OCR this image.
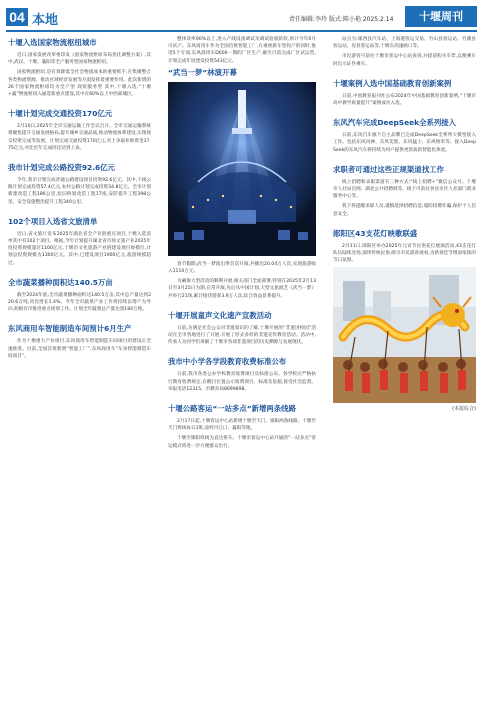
04 本地	责任编辑:李玲 版式:陈小艳 2025.2.14	十堰周刊
十堰入选国家物流枢纽城市

近日,国家发展改革委印发《国家物流枢纽布局优化调整方案》,其中,武汉、十堰、襄阳等全产服务型国家物流枢纽。

国家物流枢纽,是有效降低全社会物流成本的重要抓手,在集聚整合各类物流资源、推动区域经济发展等方面发挥着重要作用。此次新增的26个国家物流枢纽均为全产型 商贸服务型 其中,十堰入选,“十堰+襄”物流枢纽入通选新重点建设,其中在60%以上中西部城区。

十堰计划完成交通投资170亿元

2月10日,2025年全市交通运输工作会议召开。全市交通运输系统将聚焦提升交通发展格局,提升城乡交通品质,推动物流体系建设,实现现交投资完成等发展。计划完成交通投资170亿元,对上争取补助资金37.75亿元,对比近年完成同比达到上表。

我市计划完成公路投资92.6亿元

今年,我市计划完成普通公路建设项目投资92.6亿元。其中,干线公路计划完成投资57.4亿元,农村公路计划完成投资34.8亿元。全市计划新建改造工程186公里,危旧桥梁改造工程17座,安防提升工程398公里。安全设施整治提升工程340公里。

102个项目入选省文旅清单

近日,省文旅厅发布2025年湖北省全产业链重点项目,十堰入选清单其中有102个项目。根据,今年计划提升湖北省市场文旅产业2025年度投资规模超过1100亿元,十堰市文化旅游产业链建设项目规模位,计划总投资规模为1300亿元。其中,已建设项目1900亿元,旅游规模超过。

全市蔬菜播种面积达140.5万亩

截至2024年底,全市蔬菜播种面积达140.5万亩,其中总产量达到220.6万吨,同比增长1.4%。今年全市蔬菜产业工作将持续以增产为导向,积极有序推进重点规划工作。计划全年蔬菜总产量达到184万吨。

东风商用车智能制造车间预计6月生产

作为十堰重大产业项目,东风商用车智能制造车间项目的建设正全速推进。目前,全国首批新增“智能工厂”,东风商用车“车身智能制造车间项目”。

整体效率90%以上,进入产线设备调试及调试验收阶段,预计今年6月可试产。东风商用车作为全国首批智能工厂,在重视新车型投产的同时,推进5个专项,东风商用车D600一期的厂区生产,截至目前完成厂区试运营,计划完成年度建设投资543亿元。

“武当一梦”林演开幕

春节假期,武当一梦演出季首次开演,共播出20.04万人次,实现旅游收入1110万元。

为确保大型活动的顺利开展,相关部门全面部署,特别在2025年2月13日至3月25日为期,在常开演,先后从中国计划,大型文旅演艺《武当一梦》共举行21场,累计接待游客3.9万人次,综合效益显著提升。

十堰开展童声文化遗产宣教活动

日前,为满足社会公众对非遗知识的了解,十堰开展的“非遗进校园”活动在全市各地进行了开展,开展了形式多样的非遗宣传教育活动。活动中,传承人为同学们讲解了十堰市各项非遗项目的历史渊源与发展现状。

我市中小学各学段教育收费标准公布

日前,我市各类公办学校教育收费项目及标准公布。各学校应严格执行教育收费规定,在醒目位置公示收费项目、标准及依据,接受社会监督。举报电话12315、市教育局8699898。

十堰公路客运“一站多点”新增两条线路

2月17日起,十堰客运中心站新增十堰至天门、郧阳两条线路。十堰至天门班线每日1班,途经丹江口、襄阳等地。

十堰至郧阳班线为直达班车。十堰市客运中心站开通的“一站多点”客运模式将进一步方便群众出行。

站点为:郧西县汽车站、上海港客运交易、竹山县客运站、竹溪县客运站、房县客运站等,十堰东高速路口等。

市民游客可前往十堰市客运中心站查询,并提前购买车票,以便乘车时出示证件乘车。

十堰案例入选中国基础教育创新案例

日前,中国教育报刊社公布2024年中国基础教育创新案例,“十堰市高中教学质量提升”案例成功入选。

东风汽车完成DeepSeek全系列接入

日前,东风汽车旗下自主品牌已完成DeepSeek全系列大模型接入工作。包括东风风神、东风奕派、东风猛士、东风纳米等。接入DeepSeek的东风汽车将持续为用户提供更优质的智能化体验。

求职者可通过这些正规渠道找工作

线上招聘和求职渠道有三种方式:“线上招聘+”微信公众号、十堰市人社局官网、湖北公共招聘网等。线下可前往各县市区人社部门就业服务中心等。

我下班提醒求职人员,谨慎选择招聘信息,谨防招聘诈骗,保护个人信息安全。

郧阳区43支花灯映歌联盛

2月11日,郧阳区举办2025年元宵节民俗花灯展演活动,43支花灯队伍陆续登场,演绎传统民俗,吸引市民游客观看,为新春佳节增添浓浓的节日氛围。

(本报综合)
